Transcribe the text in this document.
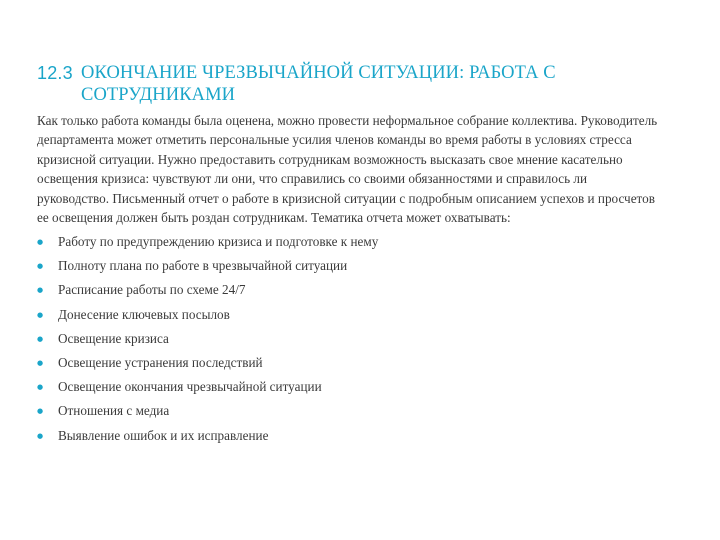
12.3 ОКОНЧАНИЕ ЧРЕЗВЫЧАЙНОЙ СИТУАЦИИ: РАБОТА С СОТРУДНИКАМИ

Как только работа команды была оценена, можно провести неформальное собрание коллектива. Руководитель департамента может отметить персональные усилия членов команды во время работы в условиях стресса кризисной ситуации. Нужно предоставить сотрудникам возможность высказать свое мнение касательно освещения кризиса: чувствуют ли они, что справились со своими обязанностями и справилось ли руководство. Письменный отчет о работе в кризисной ситуации с подробным описанием успехов и просчетов ее освещения должен быть роздан сотрудникам. Тематика отчета может охватывать:

●	Работу по предупреждению кризиса и подготовке к нему
●	Полноту плана по работе в чрезвычайной ситуации
●	Расписание работы по схеме 24/7
●	Донесение ключевых посылов
●	Освещение кризиса
●	Освещение устранения последствий
●	Освещение окончания чрезвычайной ситуации
●	Отношения с медиа
●	Выявление ошибок и их исправление
